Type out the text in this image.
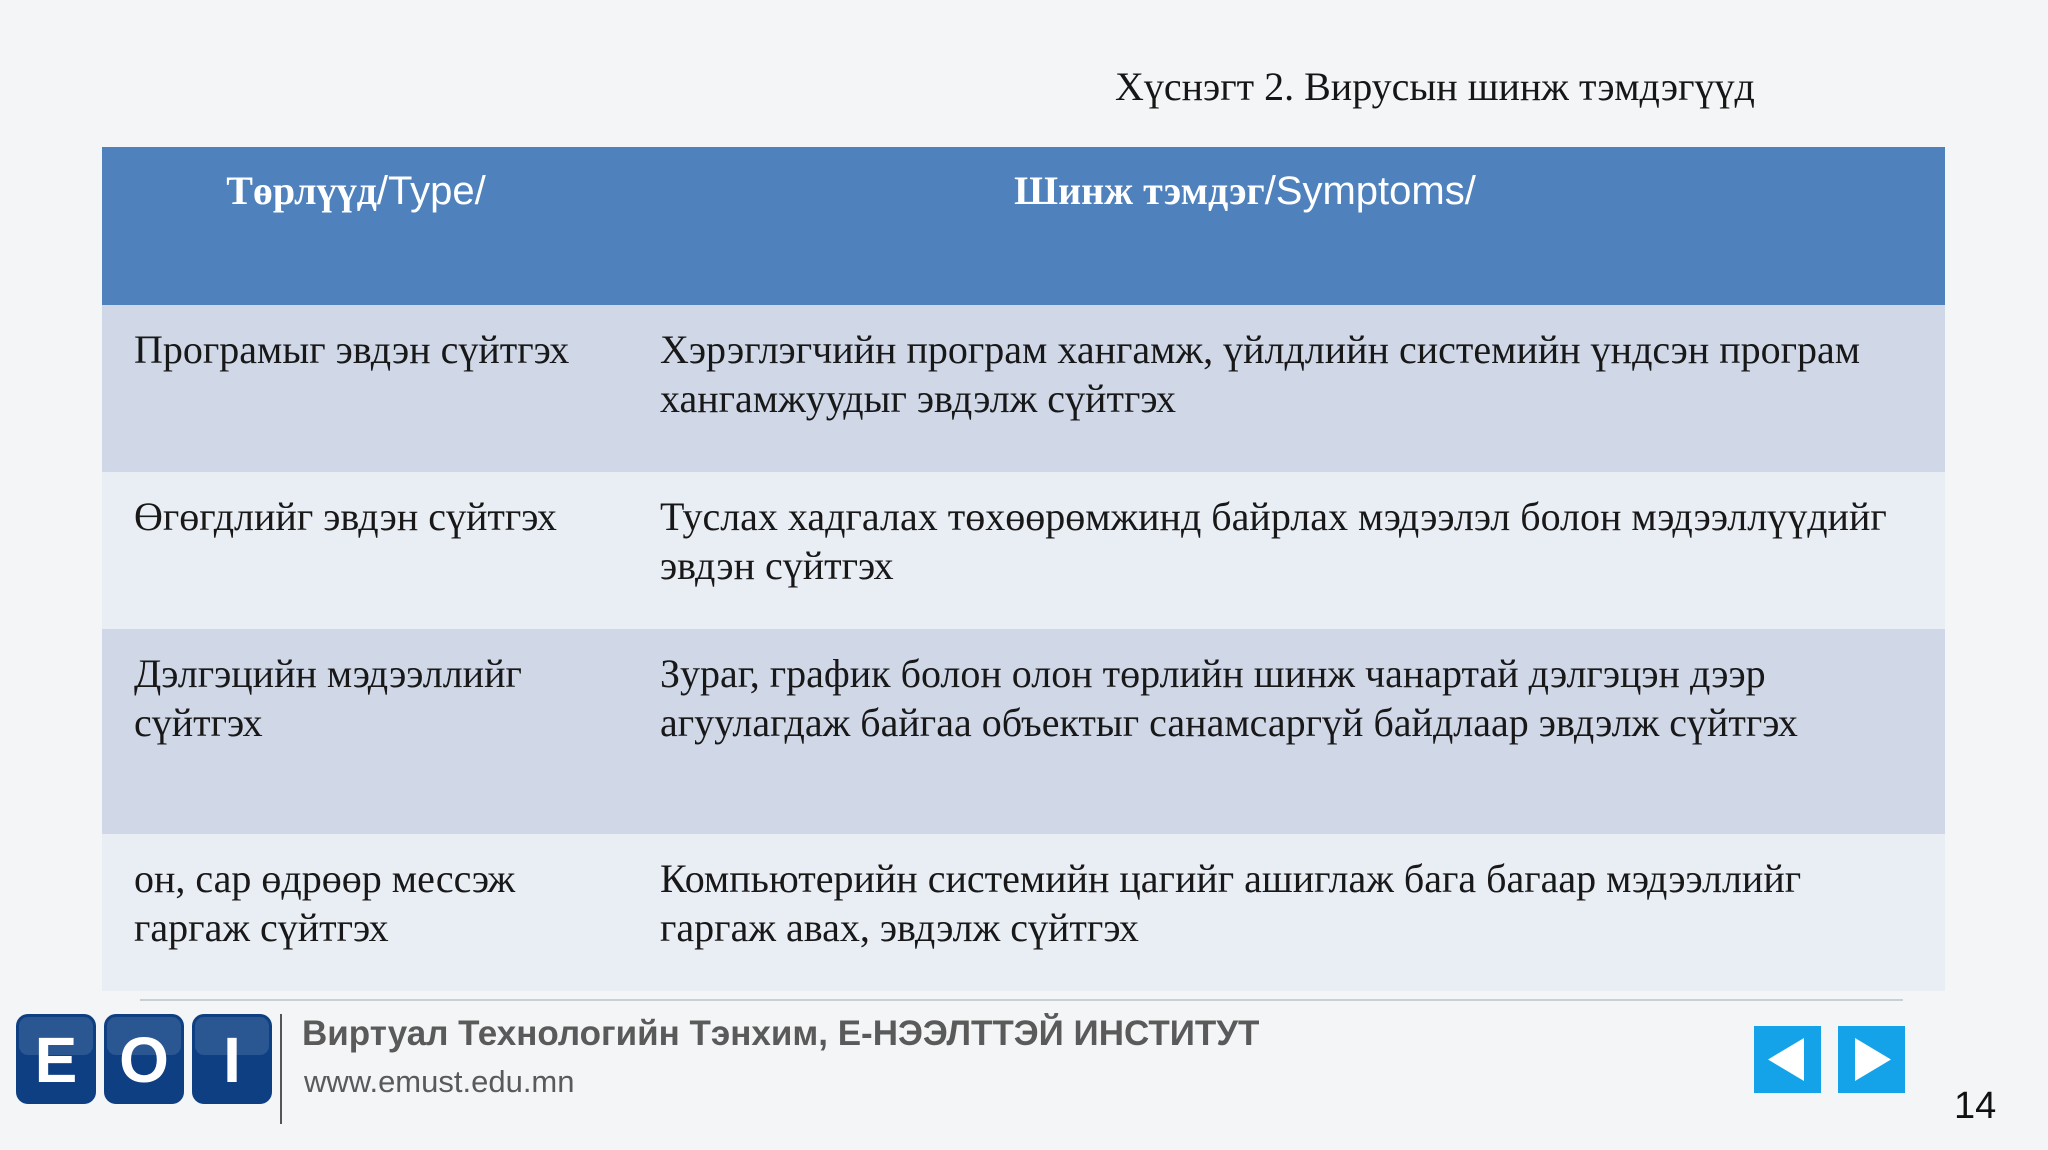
Хүснэгт 2. Вирусын шинж тэмдэгүүд
Төрлүүд/Type/	Шинж тэмдэг/Symptoms/
Програмыг эвдэн сүйтгэх	Хэрэглэгчийн програм хангамж, үйлдлийн системийн үндсэн програм хангамжуудыг эвдэлж сүйтгэх
Өгөгдлийг эвдэн сүйтгэх	Туслах хадгалах төхөөрөмжинд байрлах мэдээлэл болон мэдээллүүдийг эвдэн сүйтгэх
Дэлгэцийн мэдээллийг сүйтгэх	Зураг, график болон олон төрлийн шинж чанартай дэлгэцэн дээр агуулагдаж байгаа объектыг санамсаргүй байдлаар эвдэлж сүйтгэх
он, сар өдрөөр мессэж гаргаж сүйтгэх	Компьютерийн системийн цагийг ашиглаж бага багаар мэдээллийг гаргаж авах, эвдэлж сүйтгэх
E O I Виртуал Технологийн Тэнхим, Е-НЭЭЛТТЭЙ ИНСТИТУТ
www.emust.edu.mn
14
